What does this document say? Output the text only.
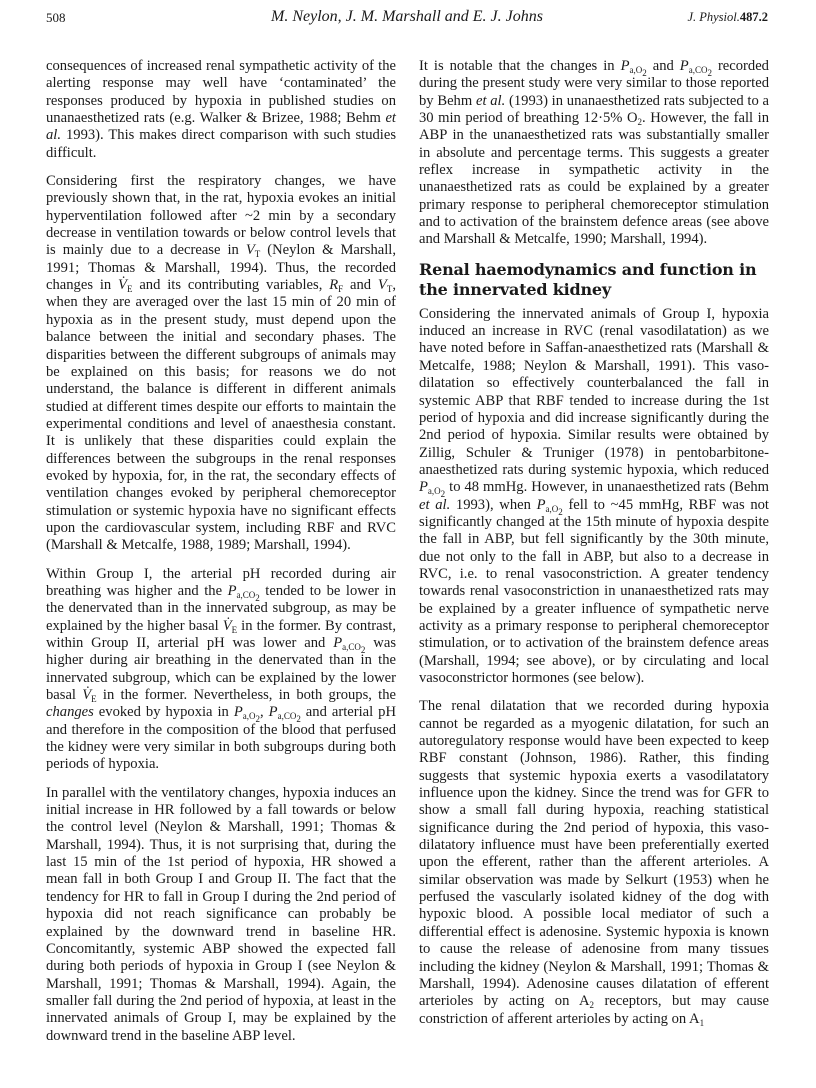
508	M. Neylon, J. M. Marshall and E. J. Johns	J. Physiol.487.2

consequences of increased renal sympathetic activity of the alerting response may well have ‘contaminated’ the responses produced by hypoxia in published studies on unanaesthetized rats (e.g. Walker & Brizee, 1988; Behm et al. 1993). This makes direct comparison with such studies difficult.

Considering first the respiratory changes, we have previously shown that, in the rat, hypoxia evokes an initial hyperventilation followed after ~2 min by a secondary decrease in ventilation towards or below control levels that is mainly due to a decrease in $V_T$ (Neylon & Marshall, 1991; Thomas & Marshall, 1994). Thus, the recorded changes in $V̇_E$ and its contributing variables, $R_F$ and $V_T$, when they are averaged over the last 15 min of 20 min of hypoxia as in the present study, must depend upon the balance between the initial and secondary phases. The disparities between the different subgroups of animals may be explained on this basis; for reasons we do not understand, the balance is different in different animals studied at different times despite our efforts to maintain the experimental conditions and level of anaesthesia constant. It is unlikely that these disparities could explain the differences between the subgroups in the renal responses evoked by hypoxia, for, in the rat, the secondary effects of ventilation changes evoked by peripheral chemoreceptor stimulation or systemic hypoxia have no significant effects upon the cardiovascular system, including RBF and RVC (Marshall & Metcalfe, 1988, 1989; Marshall, 1994).

Within Group I, the arterial pH recorded during air breathing was higher and the $P_{a,CO_2}$ tended to be lower in the denervated than in the innervated subgroup, as may be explained by the higher basal $V̇_E$ in the former. By contrast, within Group II, arterial pH was lower and $P_{a,CO_2}$ was higher during air breathing in the denervated than in the innervated subgroup, which can be explained by the lower basal $V̇_E$ in the former. Nevertheless, in both groups, the changes evoked by hypoxia in $P_{a,O_2}$, $P_{a,CO_2}$ and arterial pH and therefore in the composition of the blood that perfused the kidney were very similar in both subgroups during both periods of hypoxia.

In parallel with the ventilatory changes, hypoxia induces an initial increase in HR followed by a fall towards or below the control level (Neylon & Marshall, 1991; Thomas & Marshall, 1994). Thus, it is not surprising that, during the last 15 min of the 1st period of hypoxia, HR showed a mean fall in both Group I and Group II. The fact that the tendency for HR to fall in Group I during the 2nd period of hypoxia did not reach significance can probably be explained by the downward trend in baseline HR. Concomitantly, systemic ABP showed the expected fall during both periods of hypoxia in Group I (see Neylon & Marshall, 1991; Thomas & Marshall, 1994). Again, the smaller fall during the 2nd period of hypoxia, at least in the innervated animals of Group I, may be explained by the downward trend in the baseline ABP level.

It is notable that the changes in $P_{a,O_2}$ and $P_{a,CO_2}$ recorded during the present study were very similar to those reported by Behm et al. (1993) in unanaesthetized rats subjected to a 30 min period of breathing 12·5% $O_2$. However, the fall in ABP in the unanaesthetized rats was substantially smaller in absolute and percentage terms. This suggests a greater reflex increase in sympathetic activity in the unanaesthetized rats as could be explained by a greater primary response to peripheral chemoreceptor stimulation and to activation of the brainstem defence areas (see above and Marshall & Metcalfe, 1990; Marshall, 1994).

Renal haemodynamics and function in the innervated kidney

Considering the innervated animals of Group I, hypoxia induced an increase in RVC (renal vasodilatation) as we have noted before in Saffan-anaesthetized rats (Marshall & Metcalfe, 1988; Neylon & Marshall, 1991). This vasodilatation so effectively counterbalanced the fall in systemic ABP that RBF tended to increase during the 1st period of hypoxia and did increase significantly during the 2nd period of hypoxia. Similar results were obtained by Zillig, Schuler & Truniger (1978) in pentobarbitone-anaesthetized rats during systemic hypoxia, which reduced $P_{a,O_2}$ to 48 mmHg. However, in unanaesthetized rats (Behm et al. 1993), when $P_{a,O_2}$ fell to ~45 mmHg, RBF was not significantly changed at the 15th minute of hypoxia despite the fall in ABP, but fell significantly by the 30th minute, due not only to the fall in ABP, but also to a decrease in RVC, i.e. to renal vasoconstriction. A greater tendency towards renal vasoconstriction in unanaesthetized rats may be explained by a greater influence of sympathetic nerve activity as a primary response to peripheral chemoreceptor stimulation, or to activation of the brainstem defence areas (Marshall, 1994; see above), or by circulating and local vasoconstrictor hormones (see below).

The renal dilatation that we recorded during hypoxia cannot be regarded as a myogenic dilatation, for such an autoregulatory response would have been expected to keep RBF constant (Johnson, 1986). Rather, this finding suggests that systemic hypoxia exerts a vasodilatatory influence upon the kidney. Since the trend was for GFR to show a small fall during hypoxia, reaching statistical significance during the 2nd period of hypoxia, this vasodilatatory influence must have been preferentially exerted upon the efferent, rather than the afferent arterioles. A similar observation was made by Selkurt (1953) when he perfused the vascularly isolated kidney of the dog with hypoxic blood. A possible local mediator of such a differential effect is adenosine. Systemic hypoxia is known to cause the release of adenosine from many tissues including the kidney (Neylon & Marshall, 1991; Thomas & Marshall, 1994). Adenosine causes dilatation of efferent arterioles by acting on $A_2$ receptors, but may cause constriction of afferent arterioles by acting on $A_1$
